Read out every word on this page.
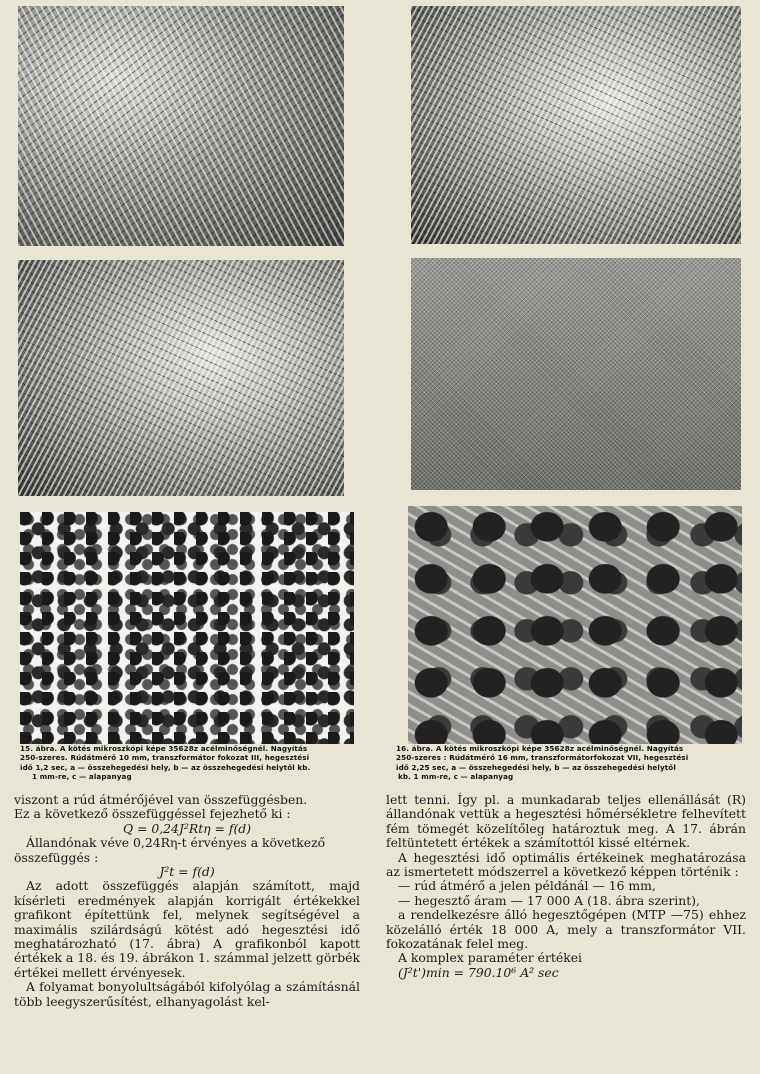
15. ábra. A kötés mikroszkópi képe 35628z acélminőségnél. Nagyítás
250-szeres. Rúdátmérő 10 mm, transzformátor fokozat III, hegesztési
idő 1,2 sec, a — összehegedési hely, b — az összehegedési helytől kb.
1 mm-re, c — alapanyag
16. ábra. A kötés mikroszkópi képe 35628z acélminőségnél. Nagyítás
250-szeres : Rúdátmérő 16 mm, transzformátorfokozat VII, hegesztési
idő 2,25 sec, a — összehegedési hely, b — az összehegedési helytől
kb. 1 mm-re, c — alapanyag

viszont a rúd átmérőjével van összefüggésben.

Ez a következő összefüggéssel fejezhető ki :

Q = 0,24J²Rtη = f(d)

Állandónak véve 0,24Rη-t érvényes a következő

összefüggés :

J²t = f(d)

Az adott összefüggés alapján számított, majd kísérleti eredmények alapján korrigált értékekkel grafikont építettünk fel, melynek segítségével a maximális szilárdságú kötést adó hegesztési idő meghatározható (17. ábra) A grafikonból kapott értékek a 18. és 19. ábrákon 1. számmal jelzett görbék értékei mellett érvényesek.

A folyamat bonyolultságából kifolyólag a számításnál több leegyszerűsítést, elhanyagolást kel-

lett tenni. Így pl. a munkadarab teljes ellenállását (R) állandónak vettük a hegesztési hőmérsékletre felhevített fém tömegét közelítőleg határoztuk meg. A 17. ábrán feltüntetett értékek a számítottól kissé eltérnek.

A hegesztési idő optimális értékeinek meghatározása az ismertetett módszerrel a következő képpen történik :

— rúd átmérő a jelen példánál — 16 mm,

— hegesztő áram — 17 000 A (18. ábra szerint),

a rendelkezésre álló hegesztőgépen (MTP —75) ehhez közelálló érték 18 000 A, mely a transzformátor VII. fokozatának felel meg.

A komplex paraméter értékei

(J²t')min = 790.10⁶ A² sec
